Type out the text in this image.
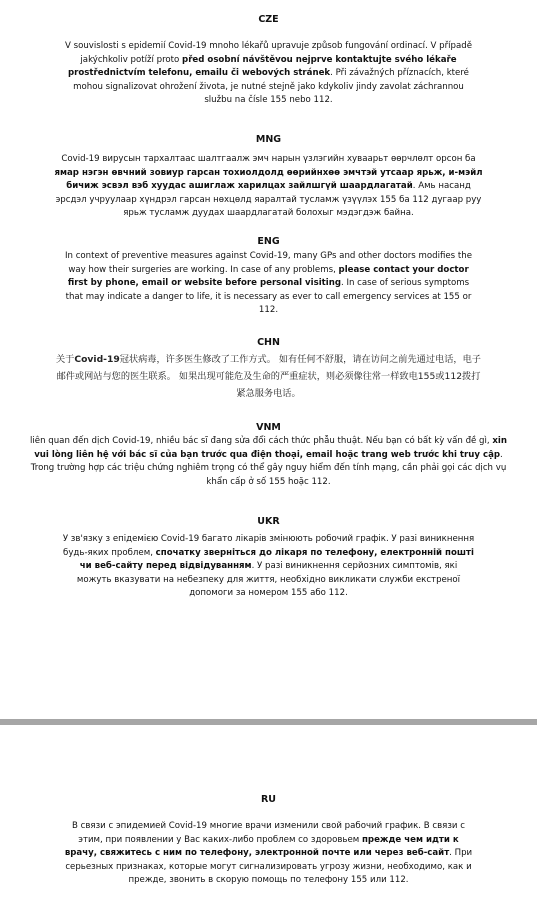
CZE
V souvislosti s epidemií Covid-19 mnoho lékařů upravuje způsob fungování ordinací. V případě jakýchkoliv potíží proto před osobní návštěvou nejprve kontaktujte svého lékaře prostřednictvím telefonu, emailu či webových stránek. Při závažných příznacích, které mohou signalizovat ohrožení života, je nutné stejně jako kdykoliv jindy zavolat záchrannou službu na čísle 155 nebo 112.
MNG
Covid-19 вирусын тархалтаас шалтгаалж эмч нарын үзлэгийн хуваарьт өөрчлөлт орсон ба ямар нэгэн өвчний зовиур гарсан тохиолдолд өөрийнхөө эмчтэй утсаар ярьж, и-мэйл бичиж эсвэл вэб хуудас ашиглаж харилцах зайлшгүй шаардлагатай. Амь насанд эрсдэл учруулаар хүндрэл гарсан нөхцөлд яаралтай тусламж үзүүлэх 155 ба 112 дугаар руу ярьж тусламж дуудах шаардлагатай болохыг мэдэгдэж байна.
ENG
In context of preventive measures against Covid-19, many GPs and other doctors modifies the way how their surgeries are working. In case of any problems, please contact your doctor first by phone, email or website before personal visiting. In case of serious symptoms that may indicate a danger to life, it is necessary as ever to call emergency services at 155 or 112.
CHN
关于Covid-19冠状病毒，许多医生修改了工作方式。 如有任何不舒服，请在访问之前先通过电话，电子邮件或网站与您的医生联系。 如果出现可能危及生命的严重症状，则必须像往常一样致电155或112拨打紧急服务电话。
VNM
liên quan đến dịch Covid-19, nhiều bác sĩ đang sửa đổi cách thức phẫu thuật. Nếu bạn có bất kỳ vấn đề gì, xin vui lòng liên hệ với bác sĩ của bạn trước qua điện thoại, email hoặc trang web trước khi truy cập. Trong trường hợp các triệu chứng nghiêm trọng có thể gây nguy hiểm đến tính mạng, cần phải gọi các dịch vụ khẩn cấp ở số 155 hoặc 112.
UKR
У зв'язку з епідемією Covid-19 багато лікарів змінюють робочий графік. У разі виникнення будь-яких проблем, спочатку зверніться до лікаря по телефону, електронній пошті чи веб-сайту перед відвідуванням. У разі виникнення серйозних симптомів, які можуть вказувати на небезпеку для життя, необхідно викликати служби екстреної допомоги за номером 155 або 112.
RU
В связи с эпидемией Covid-19 многие врачи изменили свой рабочий график. В связи с этим, при появлении у Вас каких-либо проблем со здоровьем прежде чем идти к врачу, свяжитесь с ним по телефону, электронной почте или через веб-сайт. При серьезных признаках, которые могут сигнализировать угрозу жизни, необходимо, как и прежде, звонить в скорую помощь по телефону 155 или 112.
